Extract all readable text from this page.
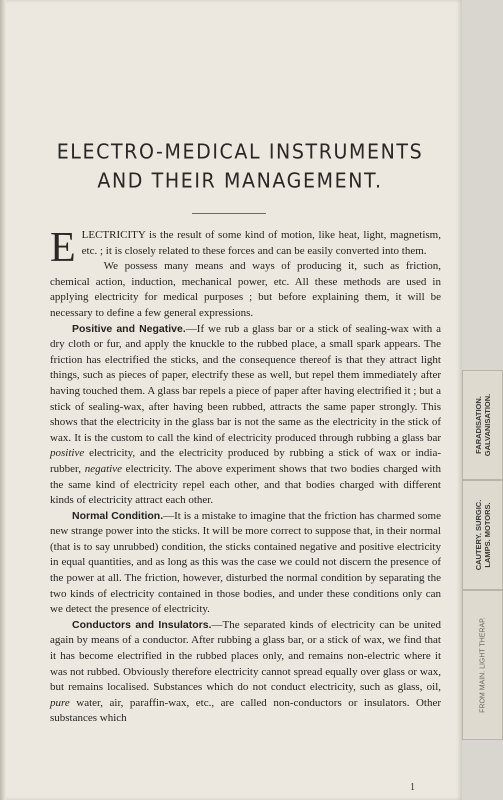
ELECTRO-MEDICAL INSTRUMENTS
AND THEIR MANAGEMENT.

ELECTRICITY is the result of some kind of motion, like heat, light, magnetism, etc. ; it is closely related to these forces and can be easily converted into them.

We possess many means and ways of producing it, such as friction, chemical action, induction, mechanical power, etc. All these methods are used in applying electricity for medical purposes ; but before explaining them, it will be necessary to define a few general expressions.

Positive and Negative.—If we rub a glass bar or a stick of sealing-wax with a dry cloth or fur, and apply the knuckle to the rubbed place, a small spark appears. The friction has electrified the sticks, and the consequence thereof is that they attract light things, such as pieces of paper, electrify these as well, but repel them immediately after having touched them. A glass bar repels a piece of paper after having electrified it ; but a stick of sealing-wax, after having been rubbed, attracts the same paper strongly. This shows that the electricity in the glass bar is not the same as the electricity in the stick of wax. It is the custom to call the kind of electricity produced through rubbing a glass bar positive electricity, and the electricity produced by rubbing a stick of wax or india-rubber, negative electricity. The above experiment shows that two bodies charged with the same kind of electricity repel each other, and that bodies charged with different kinds of electricity attract each other.

Normal Condition.—It is a mistake to imagine that the friction has charmed some new strange power into the sticks. It will be more correct to suppose that, in their normal (that is to say unrubbed) condition, the sticks contained negative and positive electricity in equal quantities, and as long as this was the case we could not discern the presence of the power at all. The friction, however, disturbed the normal condition by separating the two kinds of electricity contained in those bodies, and under these conditions only can we detect the presence of electricity.

Conductors and Insulators.—The separated kinds of electricity can be united again by means of a conductor. After rubbing a glass bar, or a stick of wax, we find that it has become electrified in the rubbed places only, and remains non-electric where it was not rubbed. Obviously therefore electricity cannot spread equally over glass or wax, but remains localised. Substances which do not conduct electricity, such as glass, oil, pure water, air, paraffin-wax, etc., are called non-conductors or insulators. Other substances which

1
FARADISATION. GALVANISATION.
CAUTERY. SURGIC. LAMPS. MOTORS.
FROM MAIN. LIGHT THERAP.
